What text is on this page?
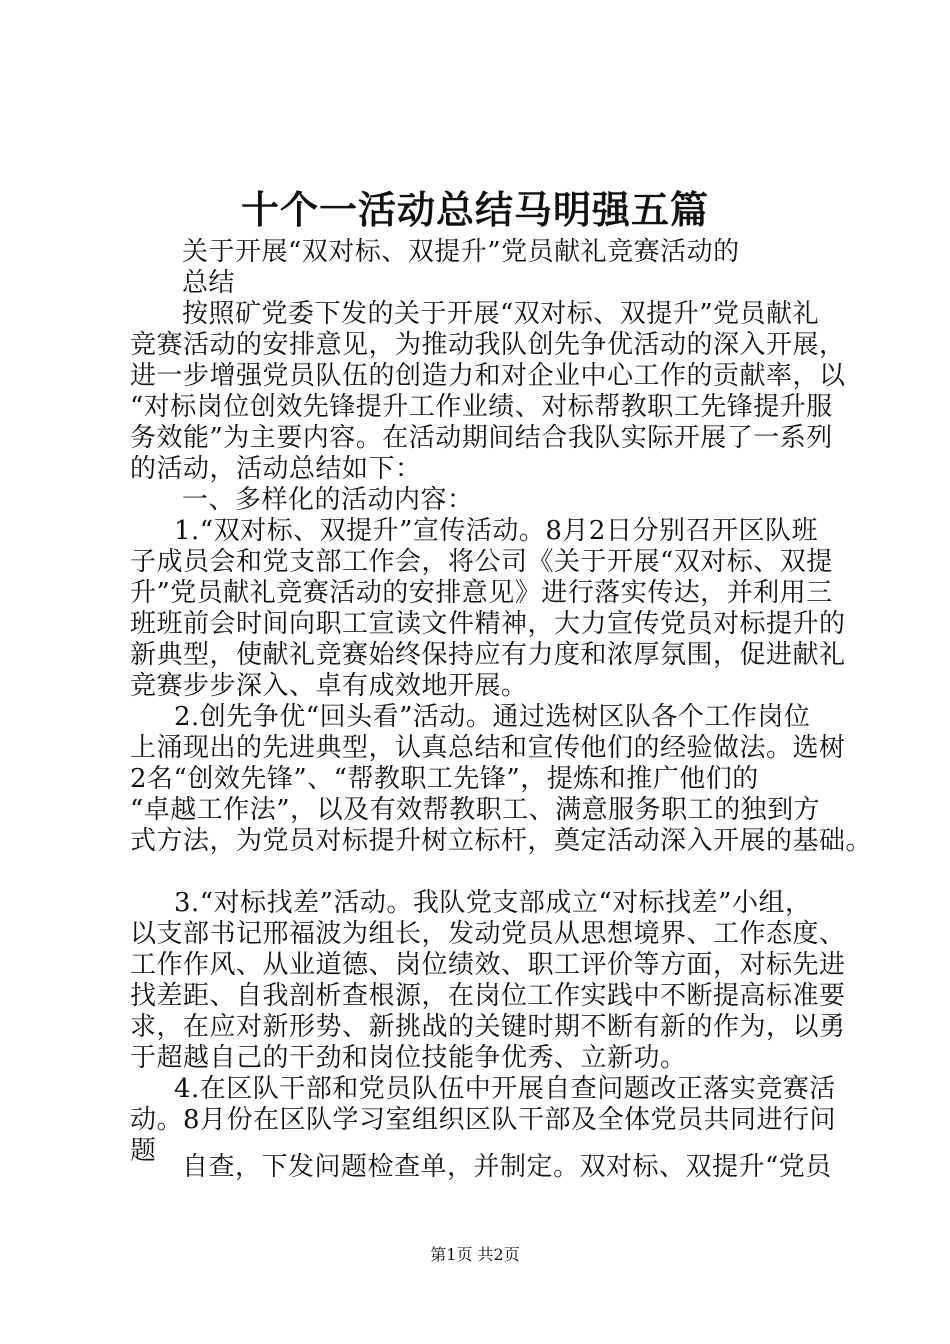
十个一活动总结马明强五篇
关于开展“双对标、双提升”党员献礼竞赛活动的
总结
按照矿党委下发的关于开展“双对标、双提升”党员献礼
竞赛活动的安排意见，为推动我队创先争优活动的深入开展，
进一步增强党员队伍的创造力和对企业中心工作的贡献率，以
“对标岗位创效先锋提升工作业绩、对标帮教职工先锋提升服
务效能”为主要内容。在活动期间结合我队实际开展了一系列
的活动，活动总结如下：
一、多样化的活动内容：
1.“双对标、双提升”宣传活动。8月2日分别召开区队班
子成员会和党支部工作会，将公司《关于开展“双对标、双提
升”党员献礼竞赛活动的安排意见》进行落实传达，并利用三
班班前会时间向职工宣读文件精神，大力宣传党员对标提升的
新典型，使献礼竞赛始终保持应有力度和浓厚氛围，促进献礼
竞赛步步深入、卓有成效地开展。
2.创先争优“回头看”活动。通过选树区队各个工作岗位
上涌现出的先进典型，认真总结和宣传他们的经验做法。选树
2名“创效先锋”、“帮教职工先锋”，提炼和推广他们的
“卓越工作法”，以及有效帮教职工、满意服务职工的独到方
式方法，为党员对标提升树立标杆，奠定活动深入开展的基础。
3.“对标找差”活动。我队党支部成立“对标找差”小组，
以支部书记邢福波为组长，发动党员从思想境界、工作态度、
工作作风、从业道德、岗位绩效、职工评价等方面，对标先进
找差距、自我剖析查根源，在岗位工作实践中不断提高标准要
求，在应对新形势、新挑战的关键时期不断有新的作为，以勇
于超越自己的干劲和岗位技能争优秀、立新功。
4.在区队干部和党员队伍中开展自查问题改正落实竞赛活
动。8月份在区队学习室组织区队干部及全体党员共同进行问
题
自查，下发问题检查单，并制定。双对标、双提升“党员
第1页 共2页
